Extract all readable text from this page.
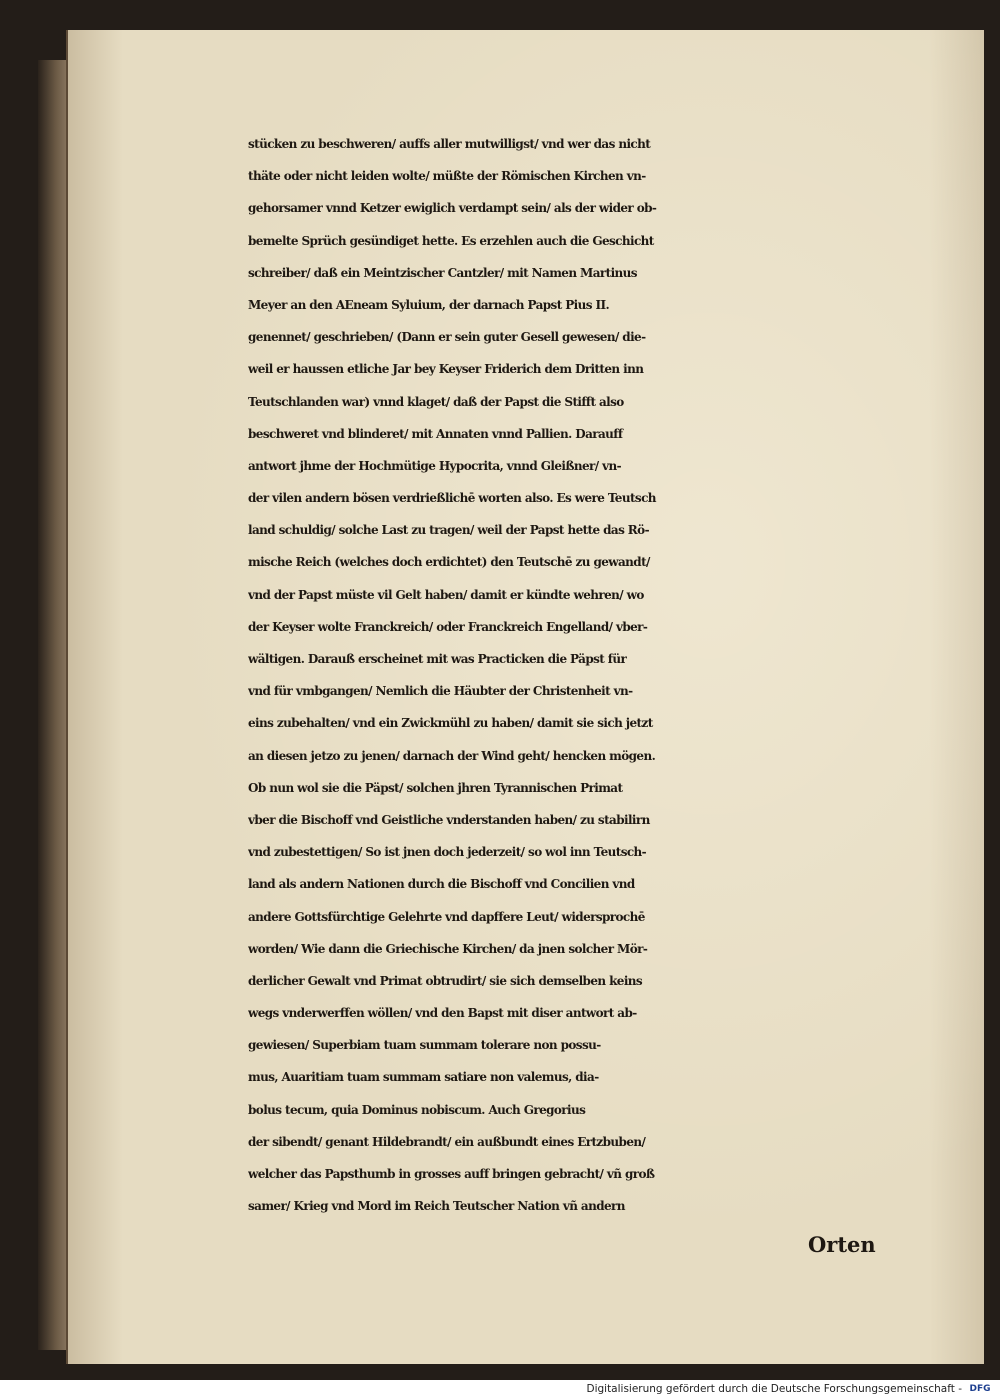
stücken zu beschweren/ auffs aller mutwilligst/ vnd wer das nicht
thäte oder nicht leiden wolte/ müßte der Römischen Kirchen vn-
gehorsamer vnnd Ketzer ewiglich verdampt sein/ als der wider ob-
bemelte Sprüch gesündiget hette. Es erzehlen auch die Geschicht
schreiber/ daß ein Meintzischer Cantzler/ mit Namen Martinus
Meyer an den AEneam Syluium, der darnach Papst Pius II.
genennet/ geschrieben/ (Dann er sein guter Gesell gewesen/ die-
weil er haussen etliche Jar bey Keyser Friderich dem Dritten inn
Teutschlanden war) vnnd klaget/ daß der Papst die Stifft also
beschweret vnd blinderet/ mit Annaten vnnd Pallien. Darauff
antwort jhme der Hochmütige Hypocrita, vnnd Gleißner/ vn-
der vilen andern bösen verdrießlichē worten also. Es were Teutsch
land schuldig/ solche Last zu tragen/ weil der Papst hette das Rö-
mische Reich (welches doch erdichtet) den Teutschē zu gewandt/
vnd der Papst müste vil Gelt haben/ damit er kündte wehren/ wo
der Keyser wolte Franckreich/ oder Franckreich Engelland/ vber-
wältigen. Darauß erscheinet mit was Practicken die Päpst für
vnd für vmbgangen/ Nemlich die Häubter der Christenheit vn-
eins zubehalten/ vnd ein Zwickmühl zu haben/ damit sie sich jetzt
an diesen jetzo zu jenen/ darnach der Wind geht/ hencken mögen.
Ob nun wol sie die Päpst/ solchen jhren Tyrannischen Primat
vber die Bischoff vnd Geistliche vnderstanden haben/ zu stabilirn
vnd zubestettigen/ So ist jnen doch jederzeit/ so wol inn Teutsch-
land als andern Nationen durch die Bischoff vnd Concilien vnd
andere Gottsfürchtige Gelehrte vnd dapffere Leut/ widersprochē
worden/ Wie dann die Griechische Kirchen/ da jnen solcher Mör-
derlicher Gewalt vnd Primat obtrudirt/ sie sich demselben keins
wegs vnderwerffen wöllen/ vnd den Bapst mit diser antwort ab-
gewiesen/ Superbiam tuam summam tolerare non possu-
mus, Auaritiam tuam summam satiare non valemus, dia-
bolus tecum, quia Dominus nobiscum. Auch Gregorius
der sibendt/ genant Hildebrandt/ ein außbundt eines Ertzbuben/
welcher das Papsthumb in grosses auff bringen gebracht/ vñ groß
samer/ Krieg vnd Mord im Reich Teutscher Nation vñ andern
Orten
Digitalisierung gefördert durch die Deutsche Forschungsgemeinschaft - DFG
